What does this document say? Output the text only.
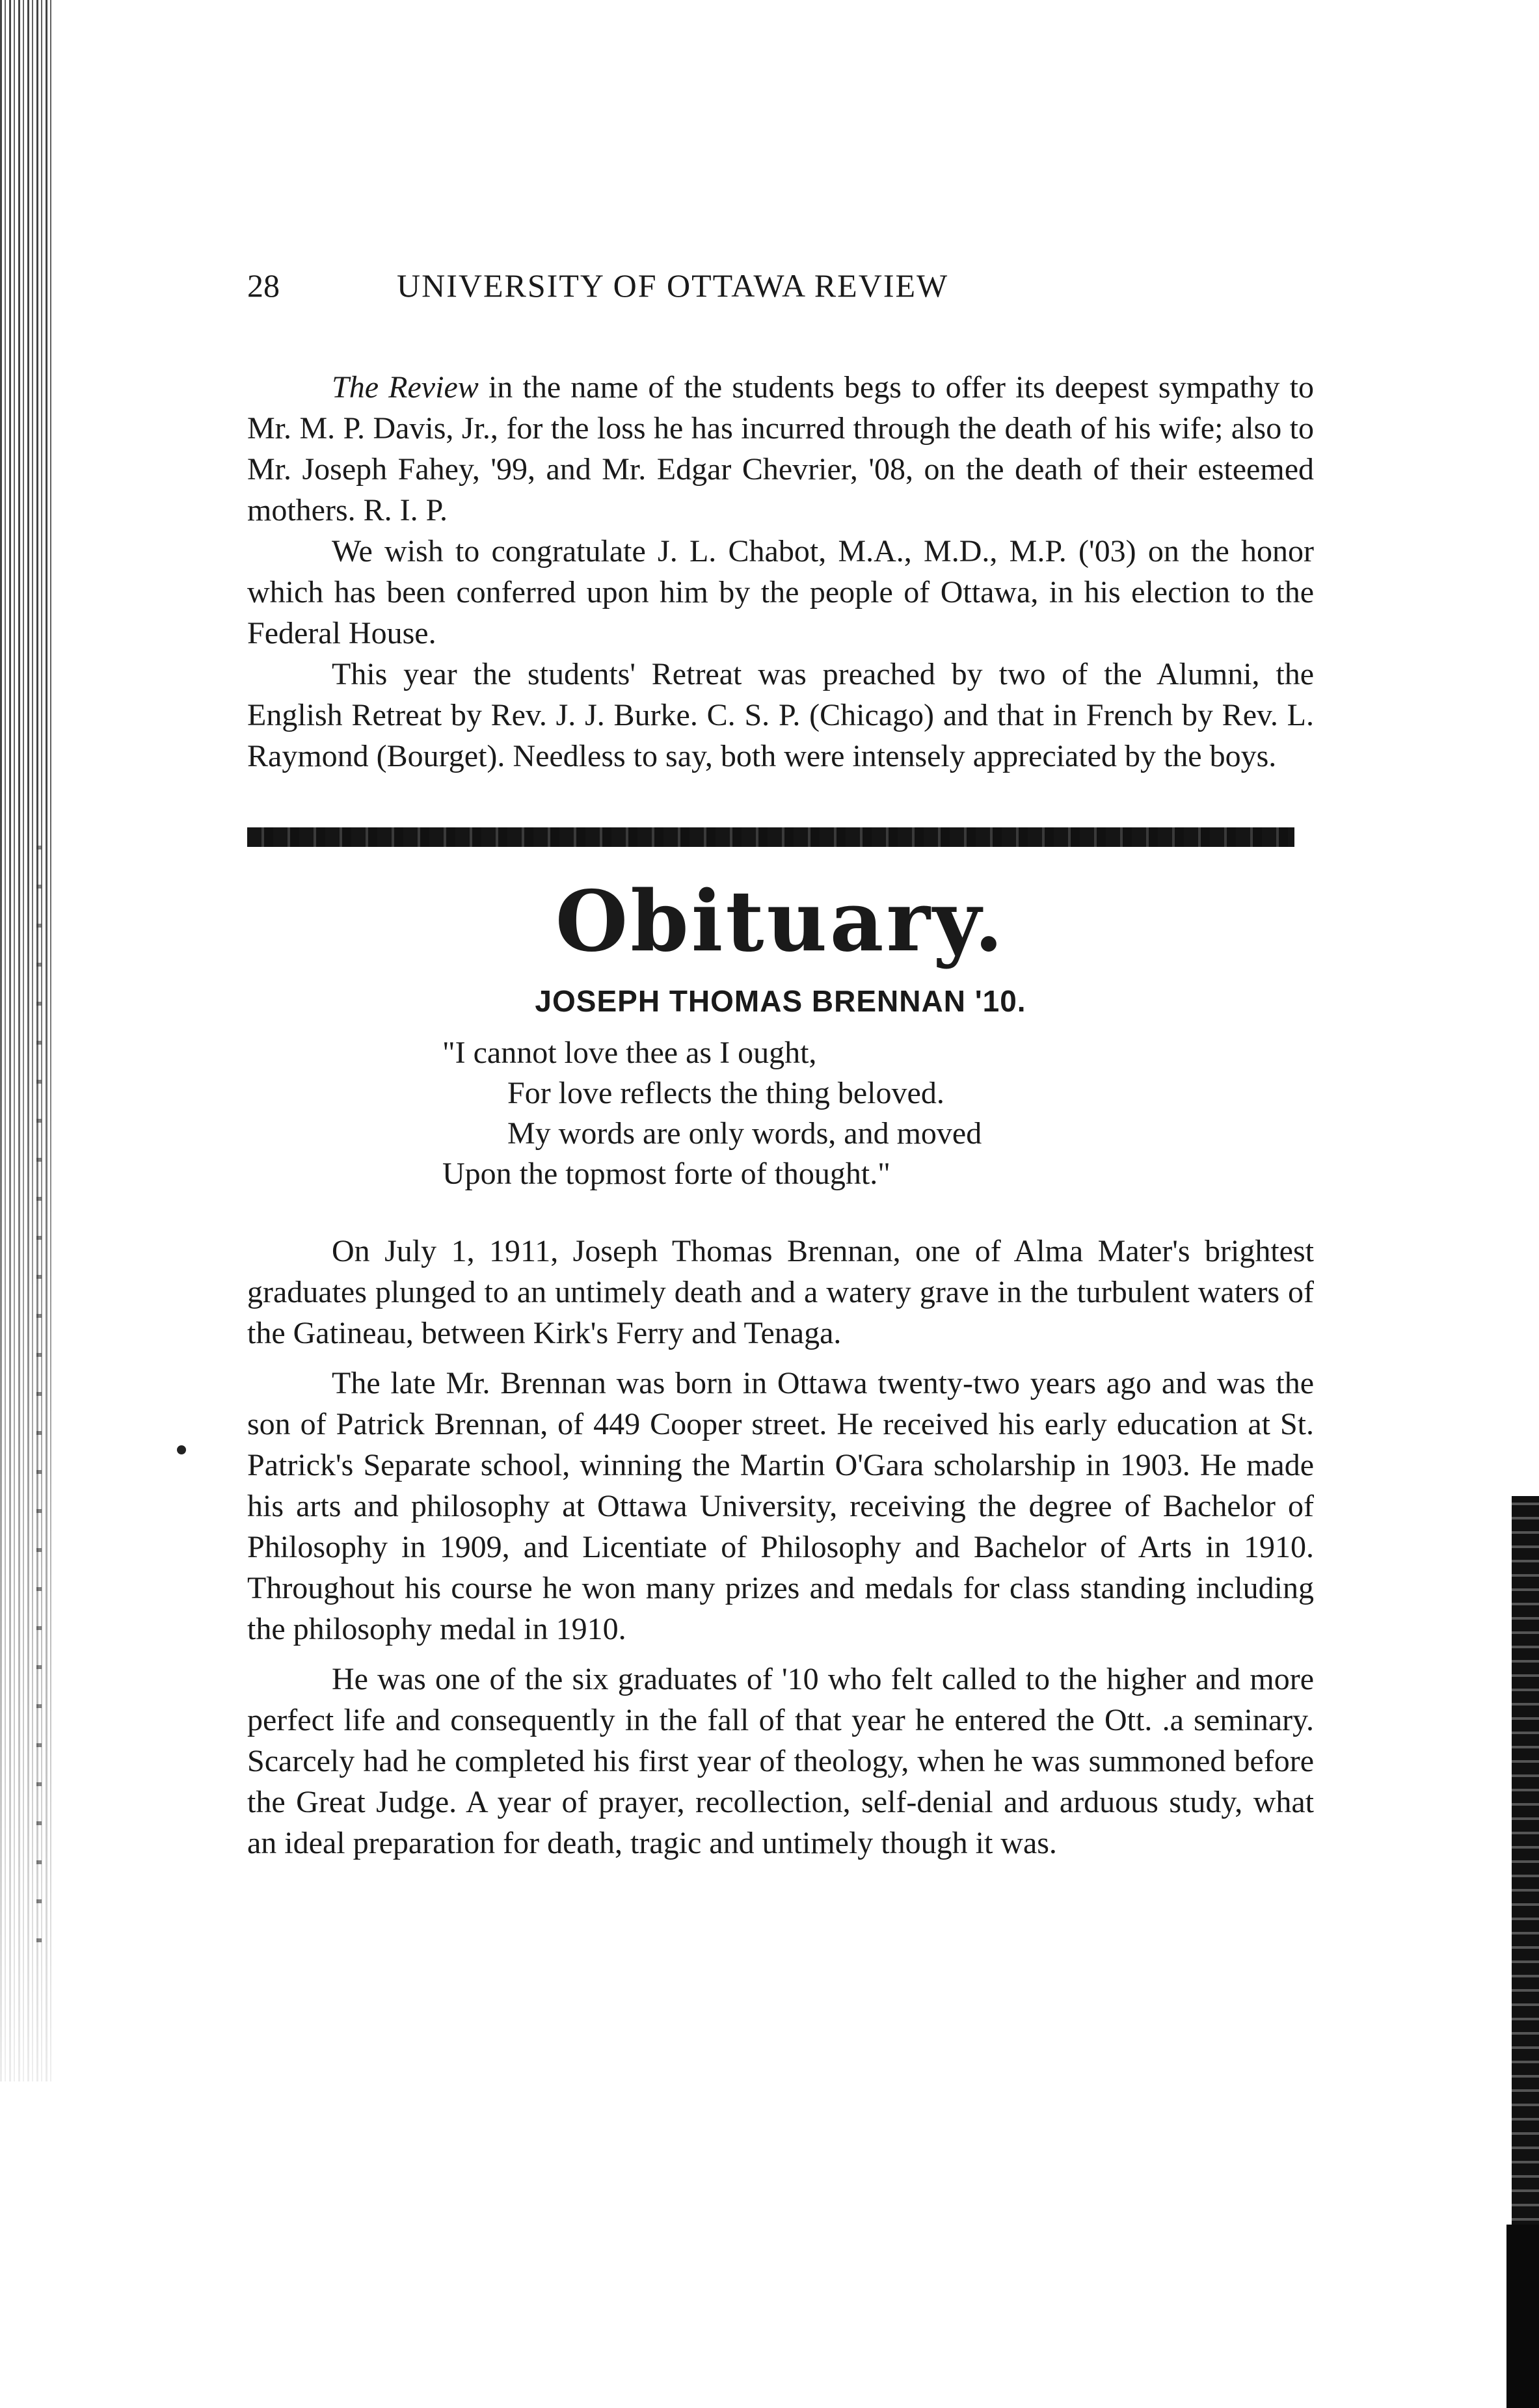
28	UNIVERSITY OF OTTAWA REVIEW

The Review in the name of the students begs to offer its deepest sympathy to Mr. M. P. Davis, Jr., for the loss he has incurred through the death of his wife; also to Mr. Joseph Fahey, '99, and Mr. Edgar Chevrier, '08, on the death of their esteemed mothers. R. I. P.

We wish to congratulate J. L. Chabot, M.A., M.D., M.P. ('03) on the honor which has been conferred upon him by the people of Ottawa, in his election to the Federal House.

This year the students' Retreat was preached by two of the Alumni, the English Retreat by Rev. J. J. Burke. C. S. P. (Chicago) and that in French by Rev. L. Raymond (Bourget). Needless to say, both were intensely appreciated by the boys.

Obituary.
JOSEPH THOMAS BRENNAN '10.
"I cannot love thee as I ought,
For love reflects the thing beloved.
My words are only words, and moved
Upon the topmost forte of thought."

On July 1, 1911, Joseph Thomas Brennan, one of Alma Mater's brightest graduates plunged to an untimely death and a watery grave in the turbulent waters of the Gatineau, between Kirk's Ferry and Tenaga.

The late Mr. Brennan was born in Ottawa twenty-two years ago and was the son of Patrick Brennan, of 449 Cooper street. He received his early education at St. Patrick's Separate school, winning the Martin O'Gara scholarship in 1903. He made his arts and philosophy at Ottawa University, receiving the degree of Bachelor of Philosophy in 1909, and Licentiate of Philosophy and Bachelor of Arts in 1910. Throughout his course he won many prizes and medals for class standing including the philosophy medal in 1910.

He was one of the six graduates of '10 who felt called to the higher and more perfect life and consequently in the fall of that year he entered the Ott. .a seminary. Scarcely had he completed his first year of theology, when he was summoned before the Great Judge. A year of prayer, recollection, self-denial and arduous study, what an ideal preparation for death, tragic and untimely though it was.
